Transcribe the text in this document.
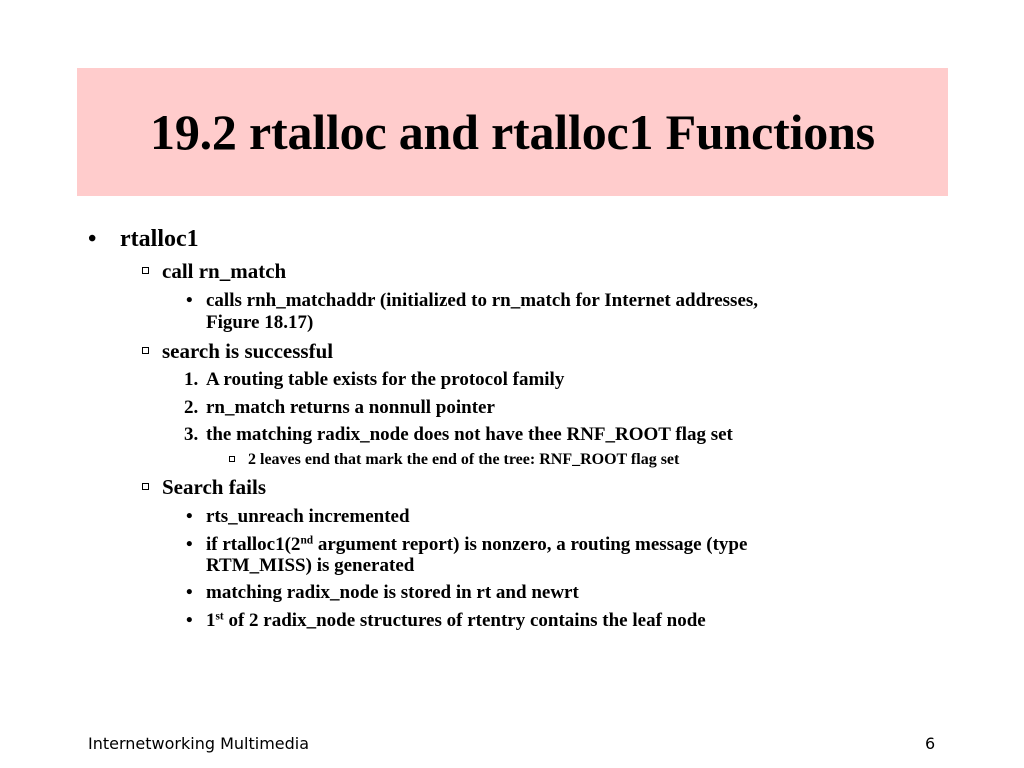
19.2 rtalloc and rtalloc1 Functions
• rtalloc1
call rn_match
• calls rnh_matchaddr (initialized to rn_match for Internet addresses,
Figure 18.17)
search is successful
1. A routing table exists for the protocol family
2. rn_match returns a nonnull pointer
3. the matching radix_node does not have thee RNF_ROOT flag set
2 leaves end that mark the end of the tree: RNF_ROOT flag set
Search fails
• rts_unreach incremented
• if rtalloc1(2nd argument report) is nonzero, a routing message (type
RTM_MISS) is generated
• matching radix_node is stored in rt and newrt
• 1st of 2 radix_node structures of rtentry contains the leaf node
Internetworking Multimedia	6
